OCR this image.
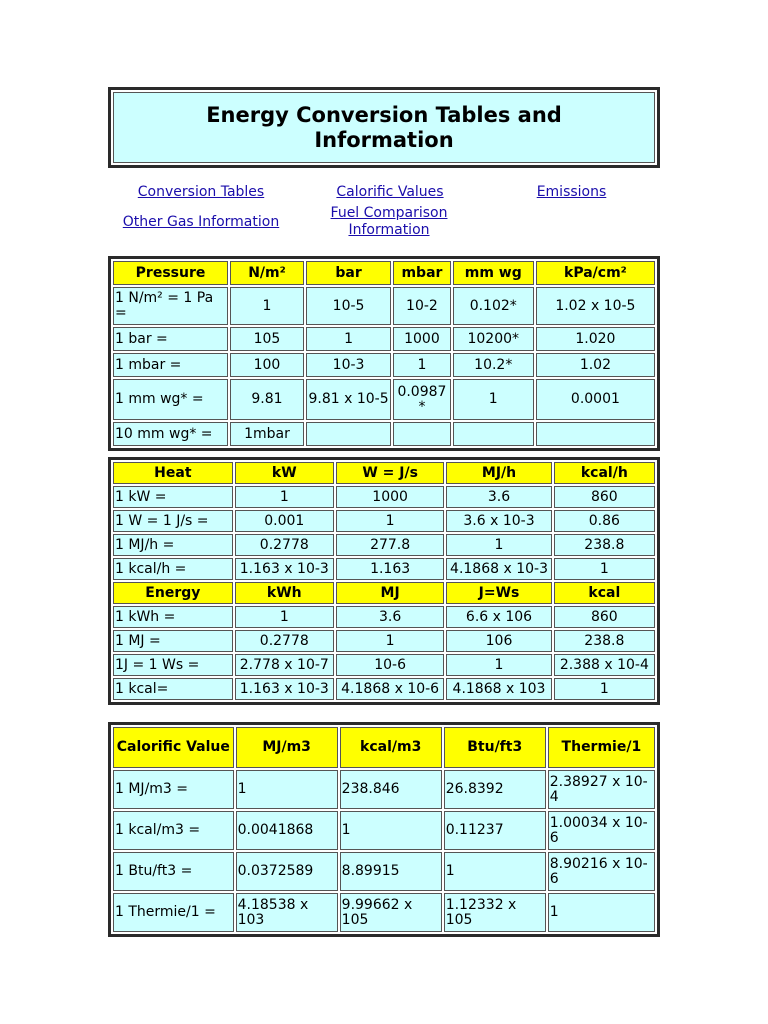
Energy Conversion Tables and Information
Conversion Tables	Calorific Values	Emissions
Other Gas Information
Fuel Comparison Information
Pressure	N/m²	bar	mbar	mm wg	kPa/cm²
1 N/m² = 1 Pa =	1	10-5	10-2	0.102*	1.02 x 10-5
1 bar =	105	1	1000	10200*	1.020
1 mbar =	100	10-3	1	10.2*	1.02
1 mm wg* =	9.81	9.81 x 10-5	0.0987 *	1	0.0001
10 mm wg* =	1mbar				
Heat	kW	W = J/s	MJ/h	kcal/h
1 kW =	1	1000	3.6	860
1 W = 1 J/s =	0.001	1	3.6 x 10-3	0.86
1 MJ/h =	0.2778	277.8	1	238.8
1 kcal/h =	1.163 x 10-3	1.163	4.1868 x 10-3	1
Energy	kWh	MJ	J=Ws	kcal
1 kWh =	1	3.6	6.6 x 106	860
1 MJ =	0.2778	1	106	238.8
1J = 1 Ws =	2.778 x 10-7	10-6	1	2.388 x 10-4
1 kcal=	1.163 x 10-3	4.1868 x 10-6	4.1868 x 103	1
Calorific Value	MJ/m3	kcal/m3	Btu/ft3	Thermie/1
1 MJ/m3 =	1	238.846	26.8392	2.38927 x 10-4
1 kcal/m3 =	0.0041868	1	0.11237	1.00034 x 10-6
1 Btu/ft3 =	0.0372589	8.89915	1	8.90216 x 10-6
1 Thermie/1 =	4.18538 x 103	9.99662 x 105	1.12332 x 105	1
